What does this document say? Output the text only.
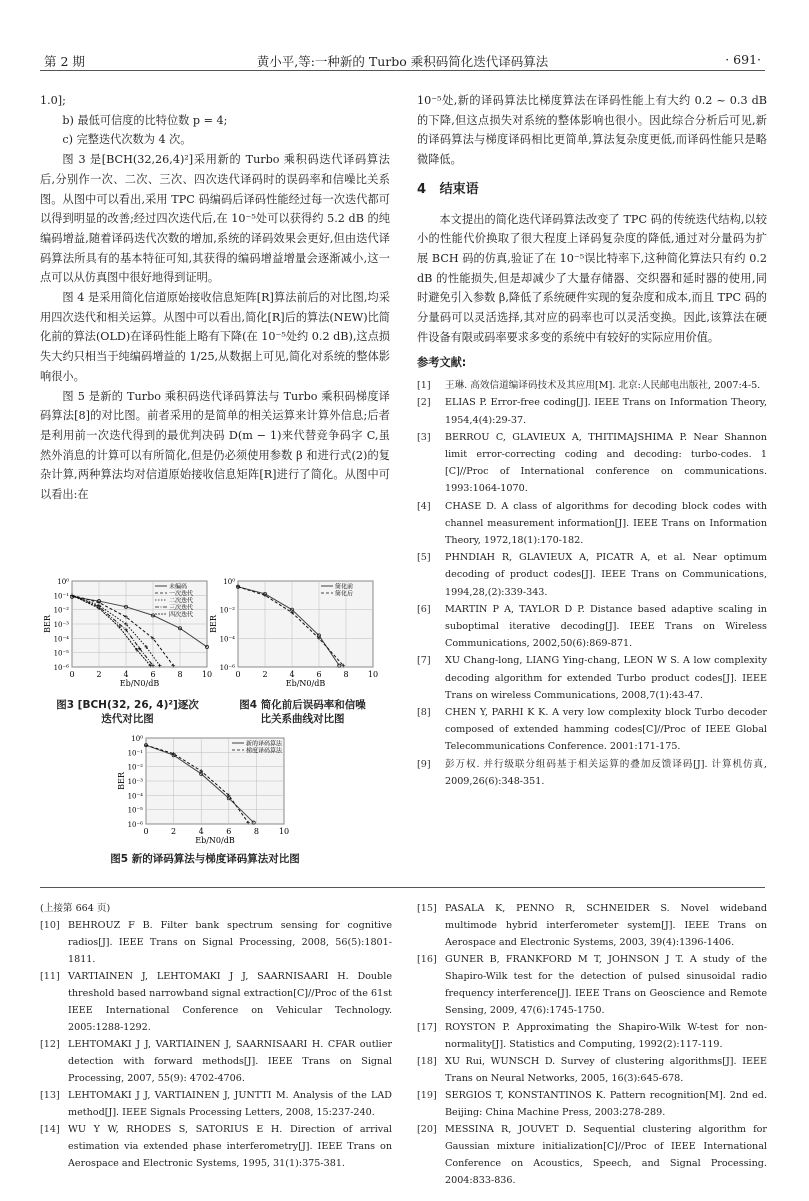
第 2 期	黄小平,等:一种新的 Turbo 乘积码简化迭代译码算法	· 691·

1.0];

b) 最低可信度的比特位数 p = 4;

c) 完整迭代次数为 4 次。

图 3 是[BCH(32,26,4)²]采用新的 Turbo 乘积码迭代译码算法后,分别作一次、二次、三次、四次迭代译码时的误码率和信噪比关系图。从图中可以看出,采用 TPC 码编码后译码性能经过每一次迭代都可以得到明显的改善;经过四次迭代后,在 10⁻⁵处可以获得约 5.2 dB 的纯编码增益,随着译码迭代次数的增加,系统的译码效果会更好,但由迭代译码算法所具有的基本特征可知,其获得的编码增益增量会逐渐减小,这一点可以从仿真图中很好地得到证明。

图 4 是采用简化信道原始接收信息矩阵[R]算法前后的对比图,均采用四次迭代和相关运算。从图中可以看出,简化[R]后的算法(NEW)比简化前的算法(OLD)在译码性能上略有下降(在 10⁻⁵处约 0.2 dB),这点损失大约只相当于纯编码增益的 1/25,从数据上可见,简化对系统的整体影响很小。

图 5 是新的 Turbo 乘积码迭代译码算法与 Turbo 乘积码梯度译码算法[8]的对比图。前者采用的是简单的相关运算来计算外信息;后者是利用前一次迭代得到的最优判决码 D(m − 1)来代替竞争码字 C,虽然外消息的计算可以有所简化,但是仍必须使用参数 β 和进行式(2)的复杂计算,两种算法均对信道原始接收信息矩阵[R]进行了简化。从图中可以看出:在

10⁰
10⁻¹
10⁻²
10⁻³
10⁻⁴
10⁻⁵
10⁻⁶
0	2	4	6	8 10
Eb/N0/dB
BER
未编码
一次迭代
二次迭代
三次迭代
四次迭代
图3 [BCH(32, 26, 4)²]逐次
迭代对比图
10⁰
10⁻²
10⁻⁴
10⁻⁶
0	2	4	6	8 10
Eb/N0/dB
BER
简化前
简化后
图4 简化前后误码率和信噪
比关系曲线对比图
10⁰
10⁻¹
10⁻²
10⁻³
10⁻⁴
10⁻⁵
10⁻⁶
0	2	4	6	8 10
Eb/N0/dB
BER
新的译码算法
梯度译码算法
图5 新的译码算法与梯度译码算法对比图

10⁻⁵处,新的译码算法比梯度算法在译码性能上有大约 0.2 ~ 0.3 dB 的下降,但这点损失对系统的整体影响也很小。因此综合分析后可见,新的译码算法与梯度译码相比更简单,算法复杂度更低,而译码性能只是略微降低。

4 结束语

本文提出的简化迭代译码算法改变了 TPC 码的传统迭代结构,以较小的性能代价换取了很大程度上译码复杂度的降低,通过对分量码为扩展 BCH 码的仿真,验证了在 10⁻⁵误比特率下,这种简化算法只有约 0.2 dB 的性能损失,但是却减少了大量存储器、交织器和延时器的使用,同时避免引入参数 β,降低了系统硬件实现的复杂度和成本,而且 TPC 码的分量码可以灵活选择,其对应的码率也可以灵活变换。因此,该算法在硬件设备有限或码率要求多变的系统中有较好的实际应用价值。

参考文献:
[1]	王琳. 高效信道编译码技术及其应用[M]. 北京:人民邮电出版社, 2007:4-5.
[2]	ELIAS P. Error-free coding[J]. IEEE Trans on Information Theory, 1954,4(4):29-37.
[3]	BERROU C, GLAVIEUX A, THITIMAJSHIMA P. Near Shannon limit error-correcting coding and decoding: turbo-codes. 1 [C]//Proc of International conference on communications. 1993:1064-1070.
[4]	CHASE D. A class of algorithms for decoding block codes with channel measurement information[J]. IEEE Trans on Information Theory, 1972,18(1):170-182.
[5]	PHNDIAH R, GLAVIEUX A, PICATR A, et al. Near optimum decoding of product codes[J]. IEEE Trans on Communications, 1994,28,(2):339-343.
[6]	MARTIN P A, TAYLOR D P. Distance based adaptive scaling in suboptimal iterative decoding[J]. IEEE Trans on Wireless Communications, 2002,50(6):869-871.
[7]	XU Chang-long, LIANG Ying-chang, LEON W S. A low complexity decoding algorithm for extended Turbo product codes[J]. IEEE Trans on wireless Communications, 2008,7(1):43-47.
[8]	CHEN Y, PARHI K K. A very low complexity block Turbo decoder composed of extended hamming codes[C]//Proc of IEEE Global Telecommunications Conference. 2001:171-175.
[9]	彭万权. 并行级联分组码基于相关运算的叠加反馈译码[J]. 计算机仿真, 2009,26(6):348-351.
(上接第 664 页)
[10] BEHROUZ F B. Filter bank spectrum sensing for cognitive radios[J]. IEEE Trans on Signal Processing, 2008, 56(5):1801-1811.
[11] VARTIAINEN J, LEHTOMAKI J J, SAARNISAARI H. Double threshold based narrowband signal extraction[C]//Proc of the 61st IEEE International Conference on Vehicular Technology. 2005:1288-1292.
[12] LEHTOMAKI J J, VARTIAINEN J, SAARNISAARI H. CFAR outlier detection with forward methods[J]. IEEE Trans on Signal Processing, 2007, 55(9): 4702-4706.
[13] LEHTOMAKI J J, VARTIAINEN J, JUNTTI M. Analysis of the LAD method[J]. IEEE Signals Processing Letters, 2008, 15:237-240.
[14] WU Y W, RHODES S, SATORIUS E H. Direction of arrival estimation via extended phase interferometry[J]. IEEE Trans on Aerospace and Electronic Systems, 1995, 31(1):375-381.
[15] PASALA K, PENNO R, SCHNEIDER S. Novel wideband multimode hybrid interferometer system[J]. IEEE Trans on Aerospace and Electronic Systems, 2003, 39(4):1396-1406.
[16] GUNER B, FRANKFORD M T, JOHNSON J T. A study of the Shapiro-Wilk test for the detection of pulsed sinusoidal radio frequency interference[J]. IEEE Trans on Geoscience and Remote Sensing, 2009, 47(6):1745-1750.
[17] ROYSTON P. Approximating the Shapiro-Wilk W-test for non-normality[J]. Statistics and Computing, 1992(2):117-119.
[18] XU Rui, WUNSCH D. Survey of clustering algorithms[J]. IEEE Trans on Neural Networks, 2005, 16(3):645-678.
[19] SERGIOS T, KONSTANTINOS K. Pattern recognition[M]. 2nd ed. Beijing: China Machine Press, 2003:278-289.
[20] MESSINA R, JOUVET D. Sequential clustering algorithm for Gaussian mixture initialization[C]//Proc of IEEE International Conference on Acoustics, Speech, and Signal Processing. 2004:833-836.
